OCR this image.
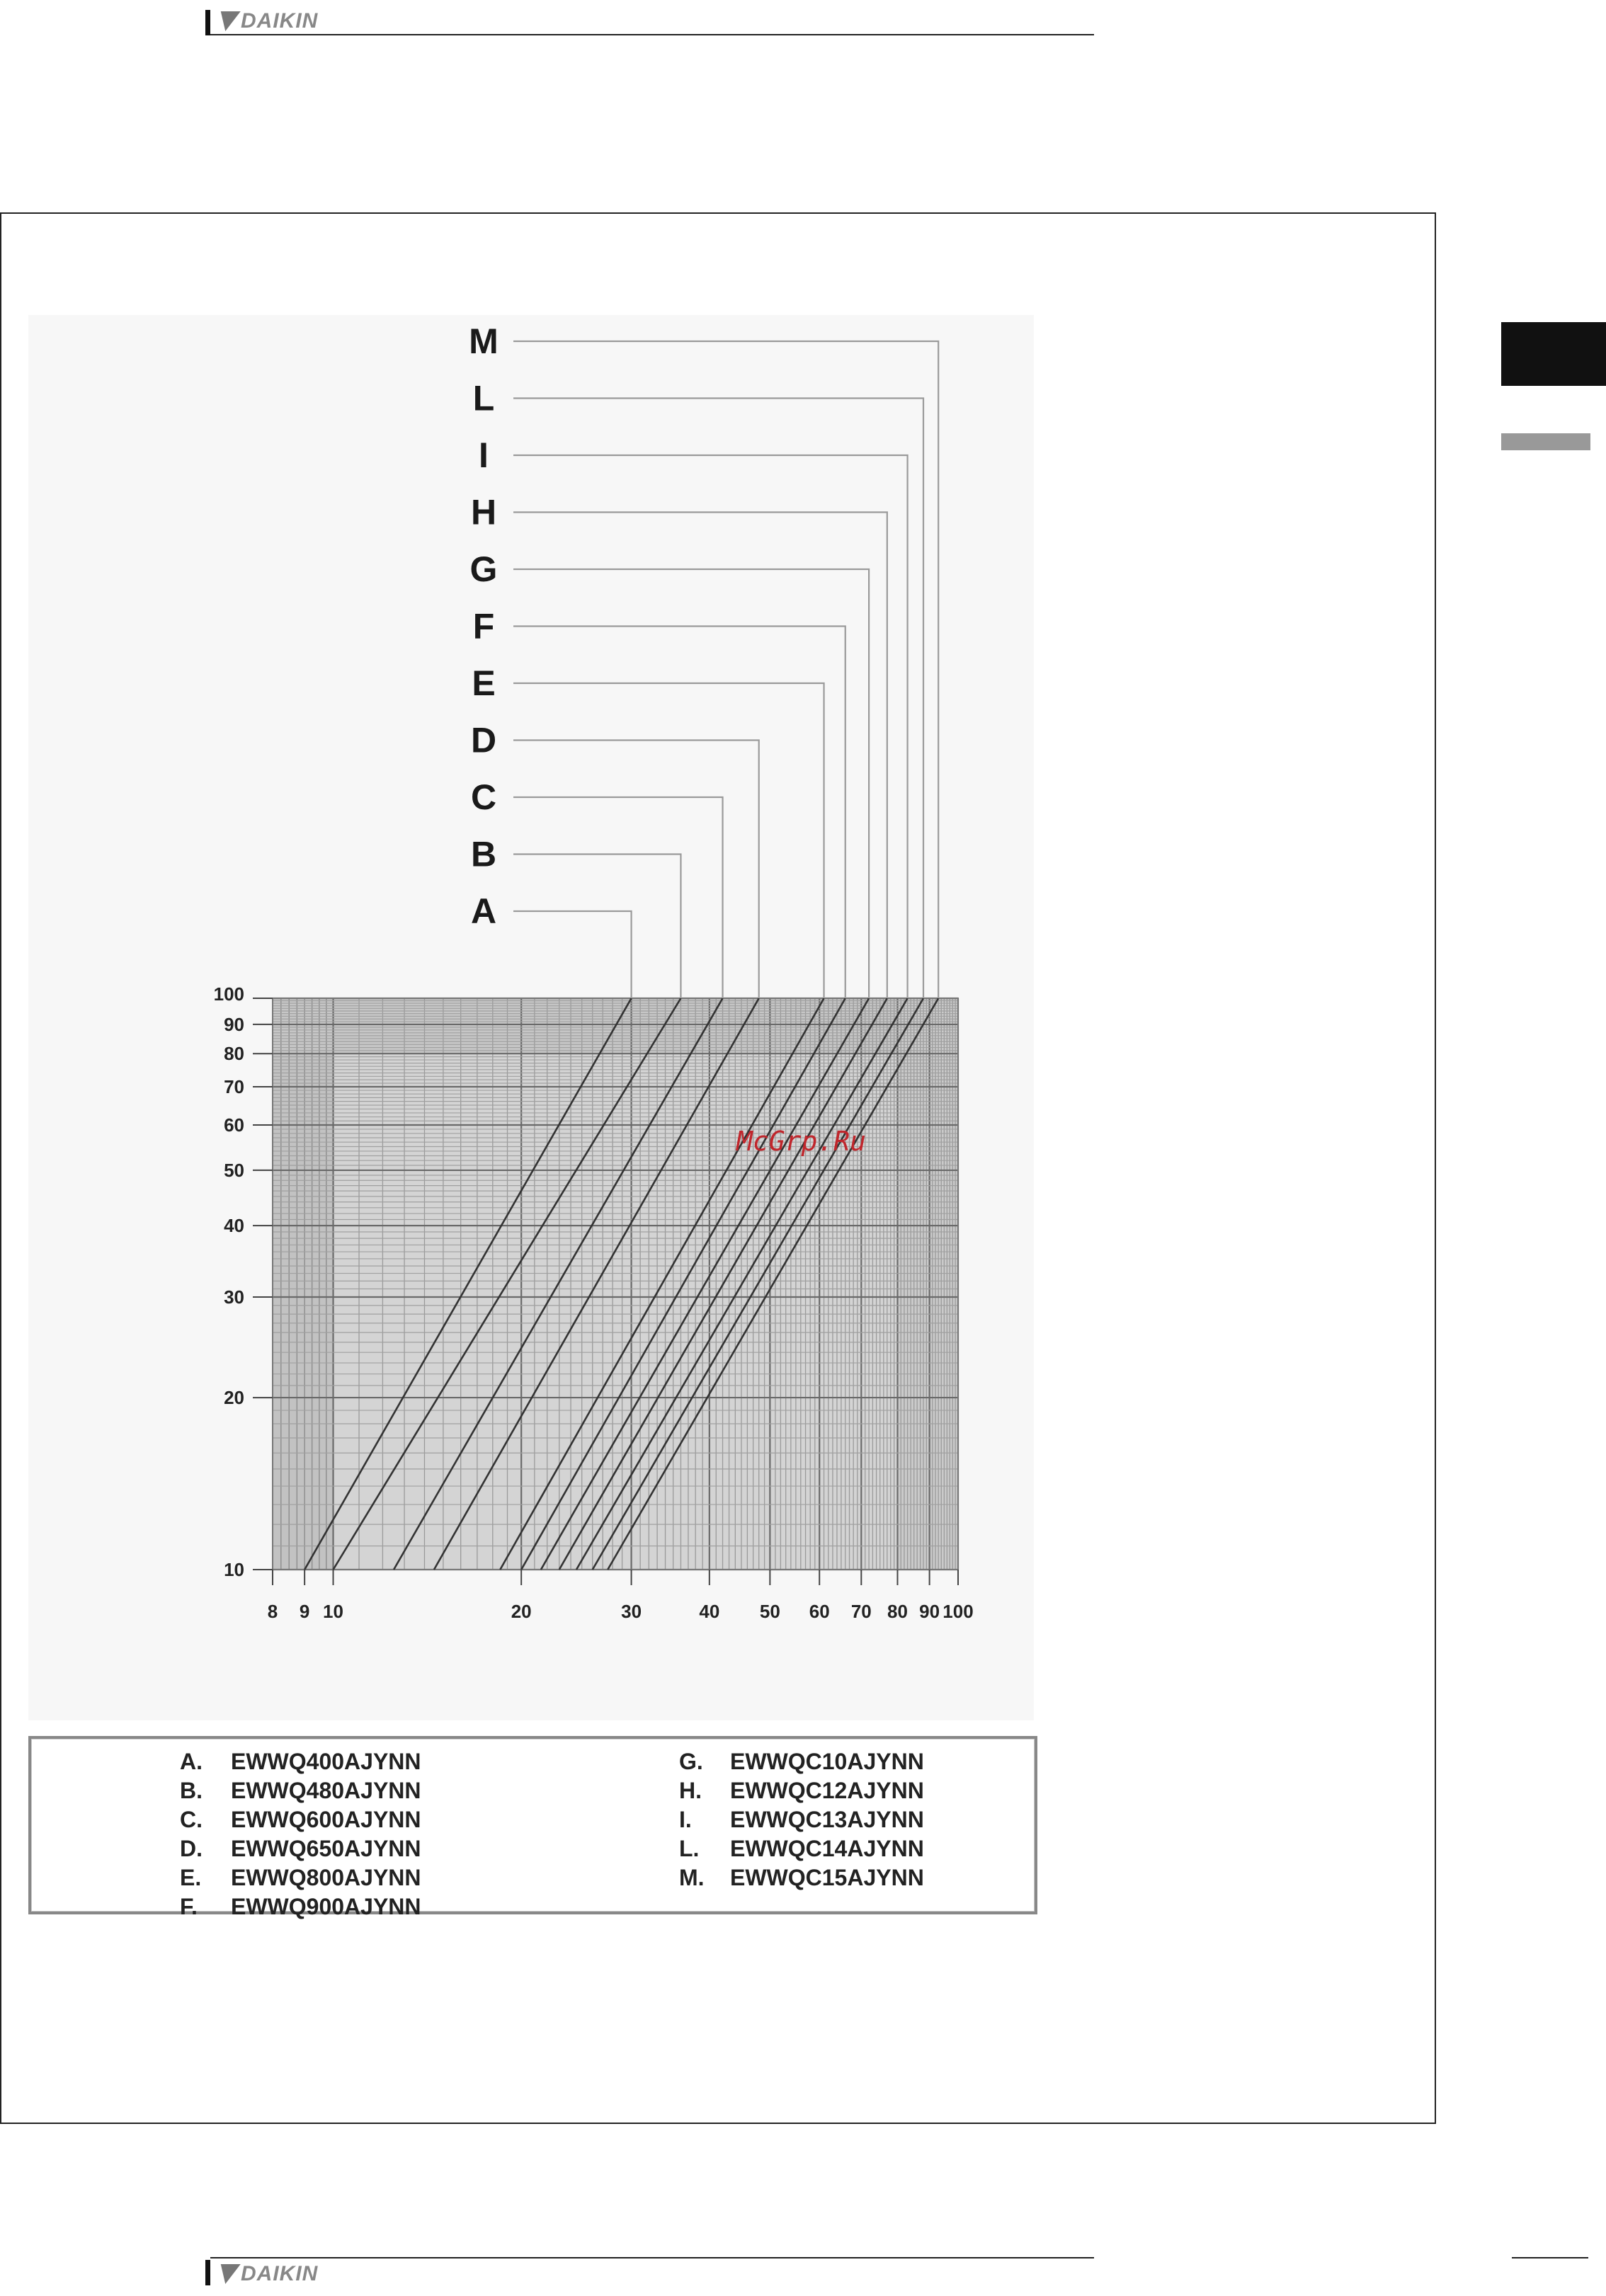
DAIKIN
A
B
C
D
E
F
G
H
I
L
M
8 9 10	20	30	40 50 60 70 80 90 100
10
20
30
40
50
60
70
80
90
100
McGrp.Ru
A.	EWWQ400AJYNN
B.	EWWQ480AJYNN
C.	EWWQ600AJYNN
D.	EWWQ650AJYNN
E.	EWWQ800AJYNN
F.	EWWQ900AJYNN
G.	EWWQC10AJYNN
H.	EWWQC12AJYNN
I.	EWWQC13AJYNN
L.	EWWQC14AJYNN
M.	EWWQC15AJYNN
DAIKIN
